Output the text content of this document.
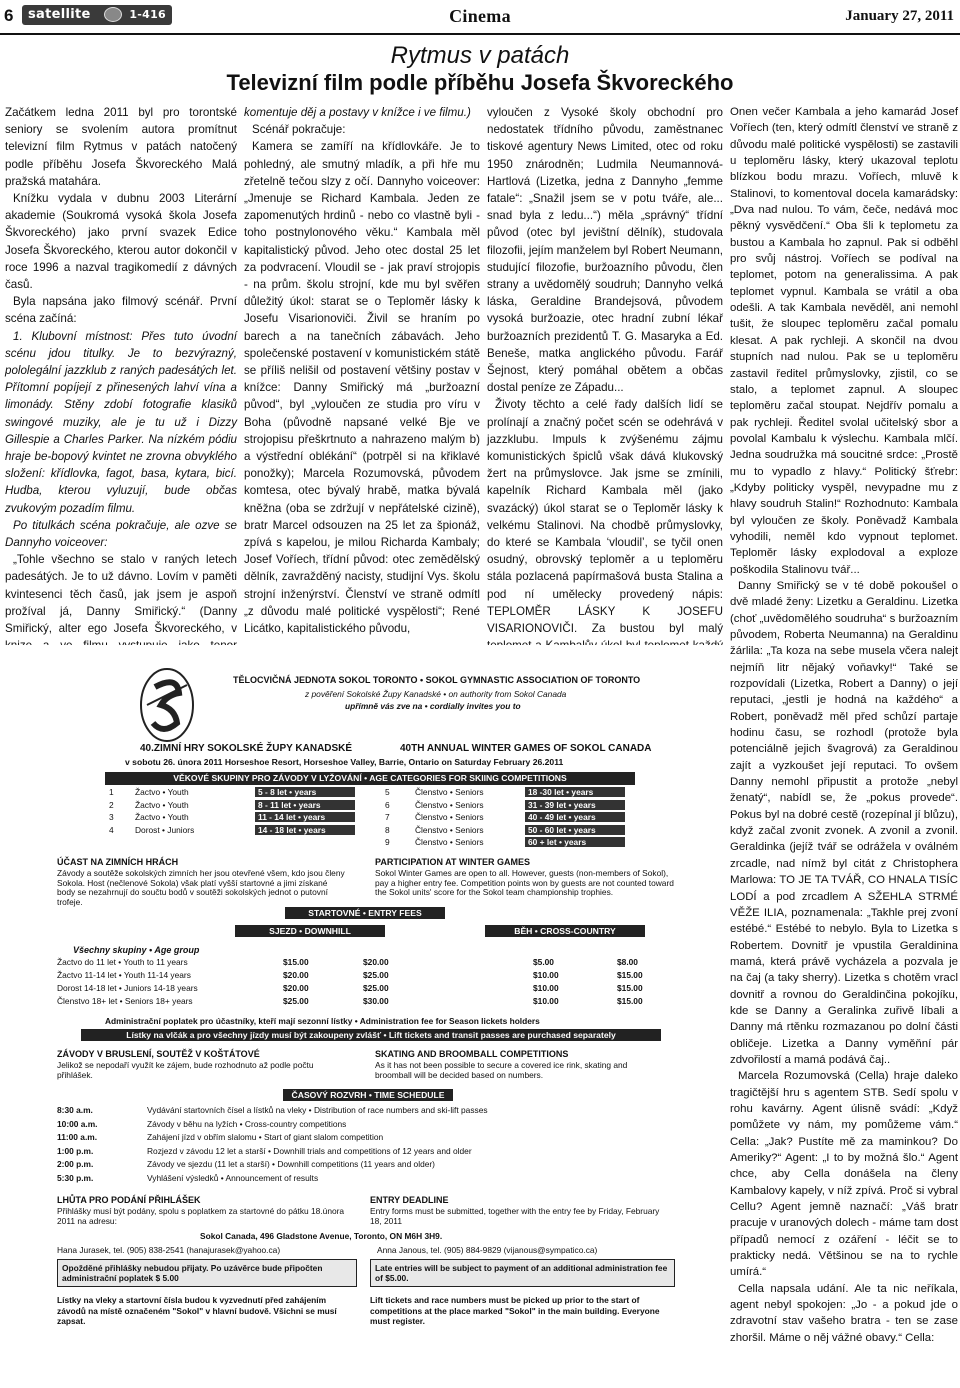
6	satellite	1-416	Cinema	January 27, 2011
Rytmus v patách
Televizní film podle příběhu Josefa Škvoreckého

Začátkem ledna 2011 byl pro torontské seniory se svolením autora promítnut televizní film Rytmus v patách natočený podle příběhu Josefa Škvoreckého Malá pražská matahára.

Knížku vydala v dubnu 2003 Literární akademie (Soukromá vysoká škola Josefa Škvoreckého) jako první svazek Edice Josefa Škvoreckého, kterou autor dokončil v roce 1996 a nazval tragikomedií z dávných časů.

Byla napsána jako filmový scénář. První scéna začíná:

1. Klubovní místnost: Přes tuto úvodní scénu jdou titulky. Je to bezvýrazný, pololegální jazzklub z raných padesátých let. Přítomní popíjejí z přinesených lahví vína a limonády. Stěny zdobí fotografie klasiků swingové muziky, ale je tu už i Dizzy Gillespie a Charles Parker. Na nízkém pódiu hraje be-bopový kvintet ne zrovna obvyklého složení: křídlovka, fagot, basa, kytara, bicí. Hudba, kterou vyluzují, bude občas zvukovým pozadím filmu.

Po titulkách scéna pokračuje, ale ozve se Dannyho voiceover:

„Tohle všechno se stalo v raných letech padesátých. Je to už dávno. Lovím v paměti kvintesenci těch časů, jak jsem je aspoň prožíval já, Danny Smiřický.“ (Danny Smiřický, alter ego Josefa Škvoreckého, v

komentuje děj a postavy v knížce i ve filmu.)

Scénář pokračuje:

Kamera se zamíří na křídlovkáře. Je to pohledný, ale smutný mladík, a při hře mu zřetelně tečou slzy z očí. Dannyho voiceover: „Jmenuje se Richard Kambala. Jeden ze zapomenutých hrdinů - nebo co vlastně byli - toho postnylonového věku.“ Kambala měl kapitalistický původ. Jeho otec dostal 25 let za podvracení. Vloudil se - jak praví strojopis - na prům. školu strojní, kde mu byl svěřen důležitý úkol: starat se o Teploměr lásky k Josefu Visarionoviči. Živil se hraním po barech a na tanečních zábavách. Jeho společenské postavení v komunistickém státě se příliš nelišil od postavení většiny postav v knížce: Danny Smiřický má „buržoazní původ“, byl „vyloučen ze studia pro víru v Boha (původně napsané velké Bje ve strojopisu přeškrtnuto a nahrazeno malým b) a výstřední oblékání“ (potrpěl si na křiklavé ponožky); Marcela Rozumovská, původem komtesa, otec bývalý hrabě, matka bývalá kněžna (oba se zdržují v nepřátelské cizině), bratr Marcel odsouzen na 25 let za špionáž, zpívá s kapelou, je milou Richarda Kambaly; Josef Voříech, třídní původ: otec zemědělský dělník, zavražděný nacisty, studijní Vys. školu strojní inženýrství. Členství ve straně odmítl „z důvodu malé politické vyspělosti“; René Licátko, kapitalistického původu,

vyloučen z Vysoké školy obchodní pro nedostatek třídního původu, zaměstnanec tiskové agentury News Limited, otec od roku 1950 znárodněn; Ludmila Neumannová-Hartlová (Lizetka, jedna z Dannyho „femme fatale“: „Snažil jsem se v potu tváře, ale... snad byla z ledu...“) měla „správný“ třídní původ (otec byl jevištní dělník), studovala filozofii, jejím manželem byl Robert Neumann, studující filozofie, buržoazního původu, člen strany a uvědomělý soudruh; Dannyho velká láska, Geraldine Brandejsová, původem vysoká buržoazie, otec hradní zubní lékař buržoazních prezidentů T. G. Masaryka a Ed. Beneše, matka anglického původu. Farář Šejnost, který pomáhal obětem a občas dostal peníze ze Západu...

Životy těchto a celé řady dalších lidí se prolínají a značný počet scén se odehrává v jazzklubu. Impuls k zvýšenému zájmu komunistických špiclů však dává klukovský žert na průmyslovce. Jak jsme se zmínili, kapelník Richard Kambala měl (jako svazácký) úkol starat se o Teploměr lásky k velkému Stalinovi. Na chodbě průmyslovky, do které se Kambala ‘vloudil’, se tyčil onen osudný, obrovský teploměr a u teploměru stála pozlacená papírmašová busta Stalina a pod ní umělecky provedený nápis: TEPLOMĚR LÁSKY K JOSEFU VISARIONOVIČI. Za bustou byl malý

Onen večer Kambala a jeho kamarád Josef Voříech (ten, který odmítl členství ve straně z důvodu malé politické vyspělosti) se zastavili u teploměru lásky, který ukazoval teplotu blízkou bodu mrazu. Voříech, mluvě k Stalinovi, to komentoval docela kamarádsky: „Dva nad nulou. To vám, čeče, nedává moc pěkný vysvědčení.“ Oba šli k teplometu za bustou a Kambala ho zapnul. Pak si odběhl pro svůj nástroj. Voříech se podíval na teplomet, potom na generalissima. A pak teplomet vypnul. Kambala se vrátil a oba odešli. A tak Kambala nevěděl, ani nemohl tušit, že sloupec teploměru začal pomalu klesat. A pak rychleji. A skončil na dvou stupních nad nulou. Pak se u teploměru zastavil ředitel průmyslovky, zjistil, co se stalo, a teplomet zapnul. A sloupec teploměru začal stoupat. Nejdřív pomalu a pak rychleji. Ředitel svolal učitelský sbor a povolal Kambalu k výslechu. Kambala mlčí. Jedna soudružka má soucitné srdce: „Prostě mu to vypadlo z hlavy.“ Politický šťrebr: „Kdyby politicky vyspěl, nevypadne mu z hlavy soudruh Stalin!“ Rozhodnuto: Kambala byl vyloučen ze školy. Poněvadž Kambala vyhodili, neměl kdo vypnout teplomet. Teploměr lásky explodoval a exploze poškodila Stalinovu tvář...

Danny Smiřický se v té době pokoušel o dvě mladé ženy: Lizetku a Geraldinu. Lizetka (choť „uvědomělého soudruha“ s buržoazním původem, Roberta Neumanna) na Geraldinu žárlila: „Ta koza na sebe musela včera nalejt nejmíň litr nějaký voňavky!“ Také se rozpovídali (Lizetka, Robert a Danny) o její reputaci, „jestli je hodná na každého“ a Robert, poněvadž měl před schůzí partaje hodinu času, se rozhodl (protože byla potenciálně jejich švagrová) za Geraldinou zajít a vyzkoušet její reputaci. To ovšem Danny nemohl připustit a protože „nebyl ženatý“, nabídl se, že „pokus provede“. Pokus byl na dobré cestě (rozepínal jí blůzu), když začal zvonit zvonek. A zvonil a zvonil. Geraldinka (jejíž tvář se odrážela v oválném zrcadle, nad nímž byl citát z Christophera Marlowa: TO JE TA TVÁŘ, CO HNALA TISÍC LODÍ a pod zrcadlem A SŽEHLA STRMÉ VĚŽE ILIA, poznamenala: „Takhle prej zvoní estébé.“ Estébé to nebylo. Byla to Lizetka s Robertem. Dovnitř je vpustila Geraldinina mamá, která právě vycházela a pozvala je na čaj (a taky sherry). Lizetka s chotěm vracl dovnitř a rovnou do Geraldinčina pokojíku, kde se Danny a Geralinka zuřivě líbali a Danny má rtěnku rozmazanou po dolní části obličeje. Lizetka a Danny vyměňní pár zdvořilostí a mamá podává čaj..

Marcela Rozumovská (Cella) hraje daleko tragičtější hru s agentem STB. Sedí spolu v rohu kavárny. Agent úlisně svádí: „Když pomůžete vy nám, my pomůžeme vám.“ Cella: „Jak? Pustíte mě za maminkou? Do Ameriky?“ Agent: „I to by možná šlo.“ Agent chce, aby Cella donášela na členy Kambalovy kapely, v níž zpívá. Proč si vybral Cellu? Agent jemně naznačí: „Váš bratr pracuje v uranových dolech - máme tam dost případů nemocí z ozáření - léčit se to prakticky nedá. Většinou se na to rychle umírá.“

Cella napsala udání. Ale ta nic neříkala, agent nebyl spokojen: „Jo - a pokud jde o zdravotní stav vašeho bratra - ten se zase zhoršil. Máme o něj vážné obavy.“ Cella:

TĚLOCVIČNÁ JEDNOTA SOKOL TORONTO • SOKOL GYMNASTIC ASSOCIATION OF TORONTO
z pověření Sokolské Župy Kanadské • on authority from Sokol Canada
upřímně vás zve na • cordially invites you to
40.ZIMNÍ HRY SOKOLSKÉ ŽUPY KANADSKÉ	40TH ANNUAL WINTER GAMES OF SOKOL CANADA
v sobotu 26. února 2011 Horseshoe Resort, Horseshoe Valley, Barrie, Ontario on Saturday February 26.2011
VĚKOVÉ SKUPINY PRO ZÁVODY V LYŽOVÁNÍ • AGE CATEGORIES FOR SKIING COMPETITIONS
1	Žactvo • Youth	5 - 8 let • years	5	Členstvo • Seniors	18 -30 let • years
2	Žactvo • Youth	8 - 11 let • years	6	Členstvo • Seniors	31 - 39 let • years
3	Žactvo • Youth	11 - 14 let • years	7	Členstvo • Seniors	40 - 49 let • years
4	Dorost • Juniors	14 - 18 let • years	8	Členstvo • Seniors	50 - 60 let • years
9	Členstvo • Seniors	60 + let • years
ÚČAST NA ZIMNÍCH HRÁCH
Závody a soutěže sokolských zimních her jsou otevřené všem, kdo jsou členy Sokola. Host (nečlenové Sokola) však platí vyšší startovné a jimi získané body se nezahrnují do součtu bodů v soutěži sokolských jednot o putovní trofeje.
PARTICIPATION AT WINTER GAMES
Sokol Winter Games are open to all. However, guests (non-members of Sokol), pay a higher entry fee. Competition points won by guests are not counted toward the Sokol units' score for the Sokol team championship trophies.
STARTOVNÉ • ENTRY FEES
SJEZD • DOWNHILL	BĚH • CROSS-COUNTRY
Všechny skupiny • Age group
Žactvo do 11 let • Youth to 11 years	$15.00	$20.00	$5.00	$8.00
Žactvo 11-14 let • Youth 11-14 years	$20.00	$25.00	$10.00	$15.00
Dorost 14-18 let • Juniors 14-18 years	$20.00	$25.00	$10.00	$15.00
Členstvo 18+ let • Seniors 18+ years	$25.00	$30.00	$10.00	$15.00
Administrační poplatek pro účastníky, kteří mají sezonní lístky • Administration fee for Season lickets holders
Lístky na vlčák a pro všechny jízdy musí být zakoupeny zvlášť • Lift tickets and transit passes are purchased separately
ZÁVODY V BRUSLENÍ, SOUTĚŽ V KOŠTÁTOVÉ
Jelikož se nepodaří využít ke zájem, bude rozhodnuto až podle počtu přihlášek.
SKATING AND BROOMBALL COMPETITIONS
As it has not been possible to secure a covered ice rink, skating and broomball will be decided based on numbers.
ČASOVÝ ROZVRH • TIME SCHEDULE
8:30 a.m.	Vydávání startovních čísel a lístků na vleky • Distribution of race numbers and ski-lift passes
10:00 a.m.	Závody v běhu na lyžích • Cross-country competitions
11:00 a.m.	Zahájení jízd v obřím slalomu • Start of giant slalom competition
1:00 p.m.	Rozjezd v závodu 12 let a starší • Downhill trials and competitions of 12 years and older
2:00 p.m.	Závody ve sjezdu (11 let a starší) • Downhill competitions (11 years and older)
5:30 p.m.	Vyhlášení výsledků • Announcement of results
LHŮTA PRO PODÁNÍ PŘIHLÁŠEK
Přihlášky musí být podány, spolu s poplatkem za startovné do pátku 18.února 2011 na adresu:
ENTRY DEADLINE
Entry forms must be submitted, together with the entry fee by Friday, February 18, 2011
Sokol Canada, 496 Gladstone Avenue, Toronto, ON M6H 3H9.
Hana Jurasek, tel. (905) 838-2541 (hanajurasek@yahoo.ca)	Anna Janous, tel. (905) 884-9829 (vijanous@sympatico.ca)
Opožděné přihlášky nebudou přijaty. Po uzávěrce bude připočten administrační poplatek $ 5.00
Late entries will be subject to payment of an additional administration fee of $5.00.
Lístky na vleky a startovní čísla budou k vyzvednutí před zahájením závodů na místě označeném "Sokol" v hlavní budově. Všichni se musí zapsat.
Lift tickets and race numbers must be picked up prior to the start of competitions at the place marked "Sokol" in the main building. Everyone must register.
